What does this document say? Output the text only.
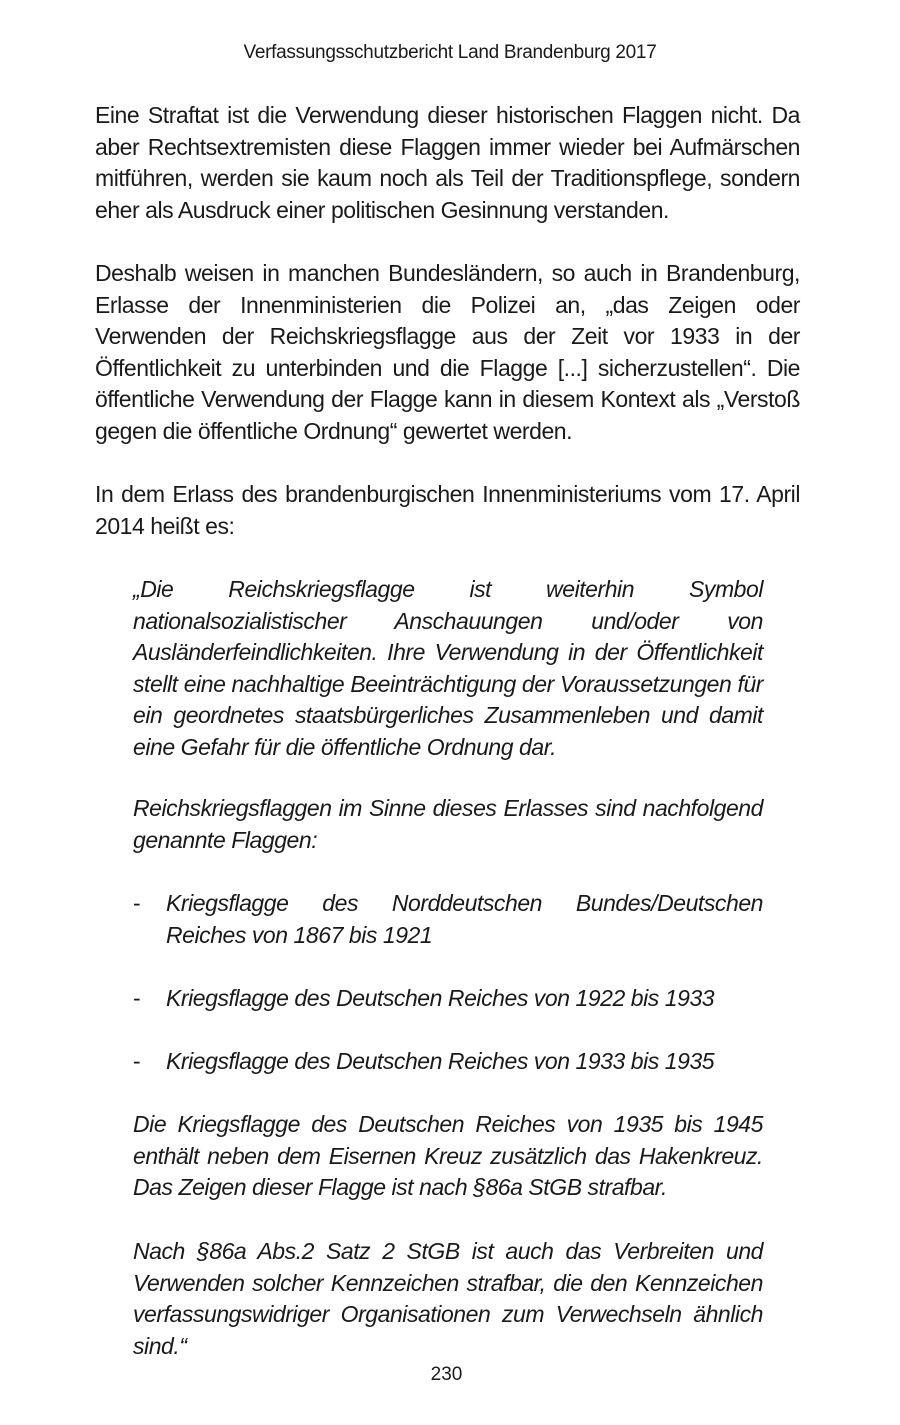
Verfassungsschutzbericht Land Brandenburg 2017

Eine Straftat ist die Verwendung dieser historischen Flaggen nicht. Da aber Rechtsextremisten diese Flaggen immer wieder bei Aufmärschen mitführen, werden sie kaum noch als Teil der Traditionspflege, sondern eher als Ausdruck einer politischen Gesinnung verstanden.

Deshalb weisen in manchen Bundesländern, so auch in Brandenburg, Erlasse der Innenministerien die Polizei an, „das Zeigen oder Verwenden der Reichskriegsflagge aus der Zeit vor 1933 in der Öffentlichkeit zu unterbinden und die Flagge [...] sicherzustellen“. Die öffentliche Verwendung der Flagge kann in diesem Kontext als „Verstoß gegen die öffentliche Ordnung“ gewertet werden.

In dem Erlass des brandenburgischen Innenministeriums vom 17. April 2014 heißt es:

„Die Reichskriegsflagge ist weiterhin Symbol nationalsozialistischer Anschauungen und/oder von Ausländerfeindlichkeiten. Ihre Verwendung in der Öffentlichkeit stellt eine nachhaltige Beeinträchtigung der Voraussetzungen für ein geordnetes staatsbürgerliches Zusammenleben und damit eine Gefahr für die öffentliche Ordnung dar.

Reichskriegsflaggen im Sinne dieses Erlasses sind nachfolgend genannte Flaggen:

- Kriegsflagge des Norddeutschen Bundes/Deutschen Reiches von 1867 bis 1921
- Kriegsflagge des Deutschen Reiches von 1922 bis 1933
- Kriegsflagge des Deutschen Reiches von 1933 bis 1935

Die Kriegsflagge des Deutschen Reiches von 1935 bis 1945 enthält neben dem Eisernen Kreuz zusätzlich das Hakenkreuz. Das Zeigen dieser Flagge ist nach §86a StGB strafbar.

Nach §86a Abs.2 Satz 2 StGB ist auch das Verbreiten und Verwenden solcher Kennzeichen strafbar, die den Kennzeichen verfassungswidriger Organisationen zum Verwechseln ähnlich sind.“

230
